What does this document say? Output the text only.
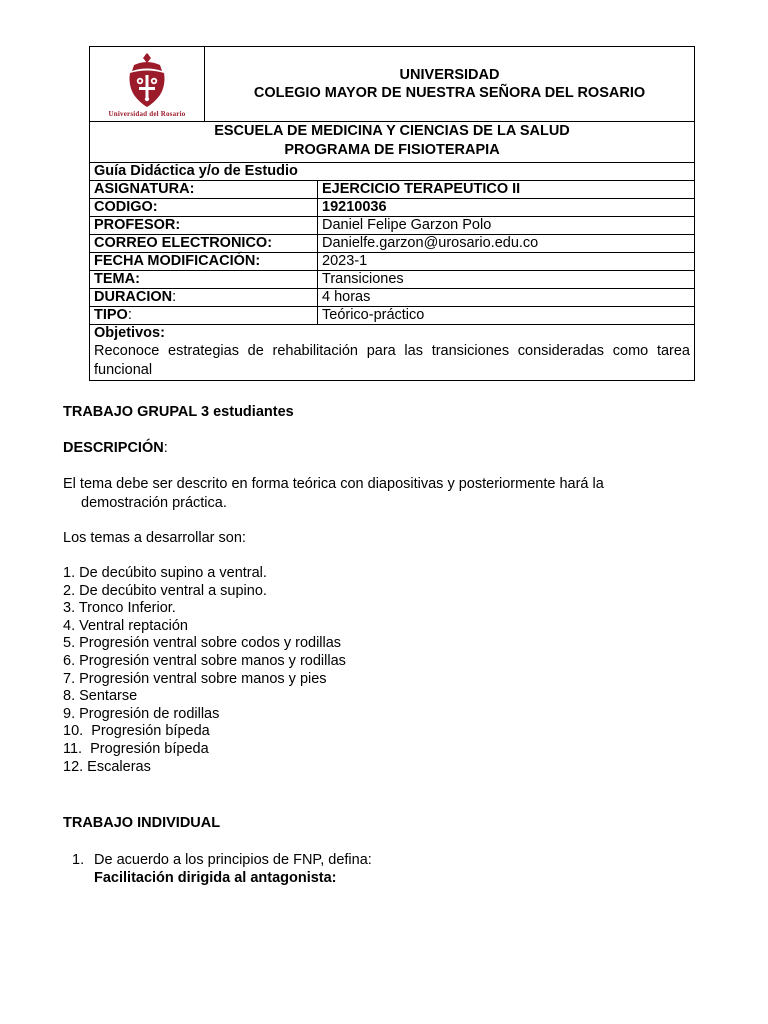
Universidad del Rosario

UNIVERSIDAD
COLEGIO MAYOR DE NUESTRA SEÑORA DEL ROSARIO

ESCUELA DE MEDICINA Y CIENCIAS DE LA SALUD
PROGRAMA DE FISIOTERAPIA
Guía Didáctica y/o de Estudio	
ASIGNATURA:	EJERCICIO TERAPEUTICO II
CODIGO:	19210036
PROFESOR:	Daniel Felipe Garzon Polo
CORREO ELECTRONICO:	Danielfe.garzon@urosario.edu.co
FECHA MODIFICACIÓN:	2023-1
TEMA:	Transiciones
DURACION:	4 horas
TIPO:	Teórico-práctico

Objetivos:
Reconoce estrategias de rehabilitación para las transiciones consideradas como tarea funcional	
TRABAJO GRUPAL 3 estudiantes
DESCRIPCIÓN:
El tema debe ser descrito en forma teórica con diapositivas y posteriormente hará la
demostración práctica.
Los temas a desarrollar son:
1. De decúbito supino a ventral.
2. De decúbito ventral a supino.
3. Tronco Inferior.
4. Ventral reptación
5. Progresión ventral sobre codos y rodillas
6. Progresión ventral sobre manos y rodillas
7. Progresión ventral sobre manos y pies
8. Sentarse
9. Progresión de rodillas
10.  Progresión bípeda
11.  Progresión bípeda
12. Escaleras
TRABAJO INDIVIDUAL
1. De acuerdo a los principios de FNP, defina:
Facilitación dirigida al antagonista:
